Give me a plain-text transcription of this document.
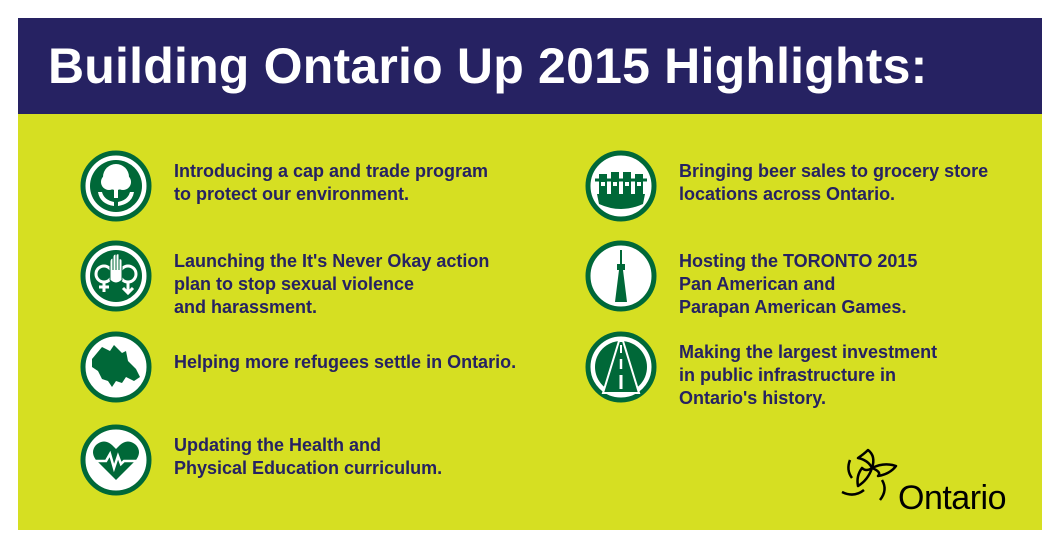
Building Ontario Up 2015 Highlights:
Introducing a cap and trade program
to protect our environment.
Launching the It's Never Okay action
plan to stop sexual violence
and harassment.
Helping more refugees settle in Ontario.
Updating the Health and
Physical Education curriculum.
Bringing beer sales to grocery store
locations across Ontario.
Hosting the TORONTO 2015
Pan American and
Parapan American Games.
Making the largest investment
in public infrastructure in
Ontario's history.
Ontario
